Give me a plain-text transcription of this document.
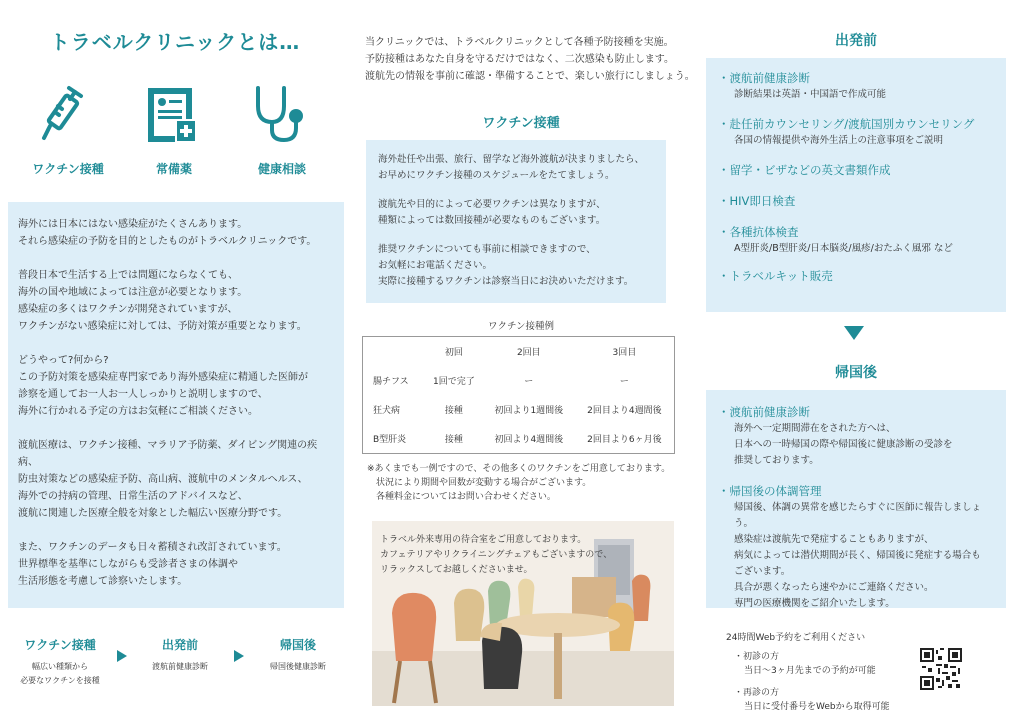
トラベルクリニックとは…
ワクチン接種	常備薬	健康相談

海外には日本にはない感染症がたくさんあります。
それら感染症の予防を目的としたものがトラベルクリニックです。

普段日本で生活する上では問題にならなくても、
海外の国や地域によっては注意が必要となります。
感染症の多くはワクチンが開発されていますが、
ワクチンがない感染症に対しては、予防対策が重要となります。

どうやって?何から?
この予防対策を感染症専門家であり海外感染症に精通した医師が
診察を通してお一人お一人しっかりと説明しますので、
海外に行かれる予定の方はお気軽にご相談ください。

渡航医療は、ワクチン接種、マラリア予防薬、ダイビング関連の疾病、
防虫対策などの感染症予防、高山病、渡航中のメンタルヘルス、
海外での持病の管理、日常生活のアドバイスなど、
渡航に関連した医療全般を対象とした幅広い医療分野です。

また、ワクチンのデータも日々蓄積され改訂されています。
世界標準を基準にしながらも受診者さまの体調や
生活形態を考慮して診察いたします。

ワクチン接種
幅広い種類から
必要なワクチンを接種
出発前
渡航前健康診断
帰国後
帰国後健康診断
当クリニックでは、トラベルクリニックとして各種予防接種を実施。
予防接種はあなた自身を守るだけではなく、二次感染も防止します。
渡航先の情報を事前に確認・準備することで、楽しい旅行にしましょう。
ワクチン接種

海外赴任や出張、旅行、留学など海外渡航が決まりましたら、
お早めにワクチン接種のスケジュールをたてましょう。

渡航先や目的によって必要ワクチンは異なりますが、
種類によっては数回接種が必要なものもございます。

推奨ワクチンについても事前に相談できますので、
お気軽にお電話ください。
実際に接種するワクチンは診察当日にお決めいただけます。

ワクチン接種例
	初回	2回目	3回目
腸チフス	1回で完了	ー	ー
狂犬病	接種	初回より1週間後	2回目より4週間後
B型肝炎	接種	初回より4週間後	2回目より6ヶ月後
※あくまでも一例ですので、その他多くのワクチンをご用意しております。
状況により期間や回数が変動する場合がございます。
各種料金についてはお問い合わせください。
トラベル外来専用の待合室をご用意しております。
カフェテリアやリクライニングチェアもございますので、
リラックスしてお越しくださいませ。
出発前
・渡航前健康診断
診断結果は英語・中国語で作成可能
・赴任前カウンセリング/渡航国別カウンセリング
各国の情報提供や海外生活上の注意事項をご説明
・留学・ビザなどの英文書類作成
・HIV即日検査
・各種抗体検査
A型肝炎/B型肝炎/日本脳炎/風疹/おたふく風邪 など
・トラベルキット販売
帰国後
・渡航前健康診断
海外へ一定期間滞在をされた方へは、
日本への一時帰国の際や帰国後に健康診断の受診を
推奨しております。
・帰国後の体調管理
帰国後、体調の異常を感じたらすぐに医師に報告しましょう。
感染症は渡航先で発症することもありますが、
病気によっては潜伏期間が長く、帰国後に発症する場合も
ございます。
具合が悪くなったら速やかにご連絡ください。
専門の医療機関をご紹介いたします。
24時間Web予約をご利用ください
・初診の方
当日〜3ヶ月先までの予約が可能
・再診の方
当日に受付番号をWebから取得可能
